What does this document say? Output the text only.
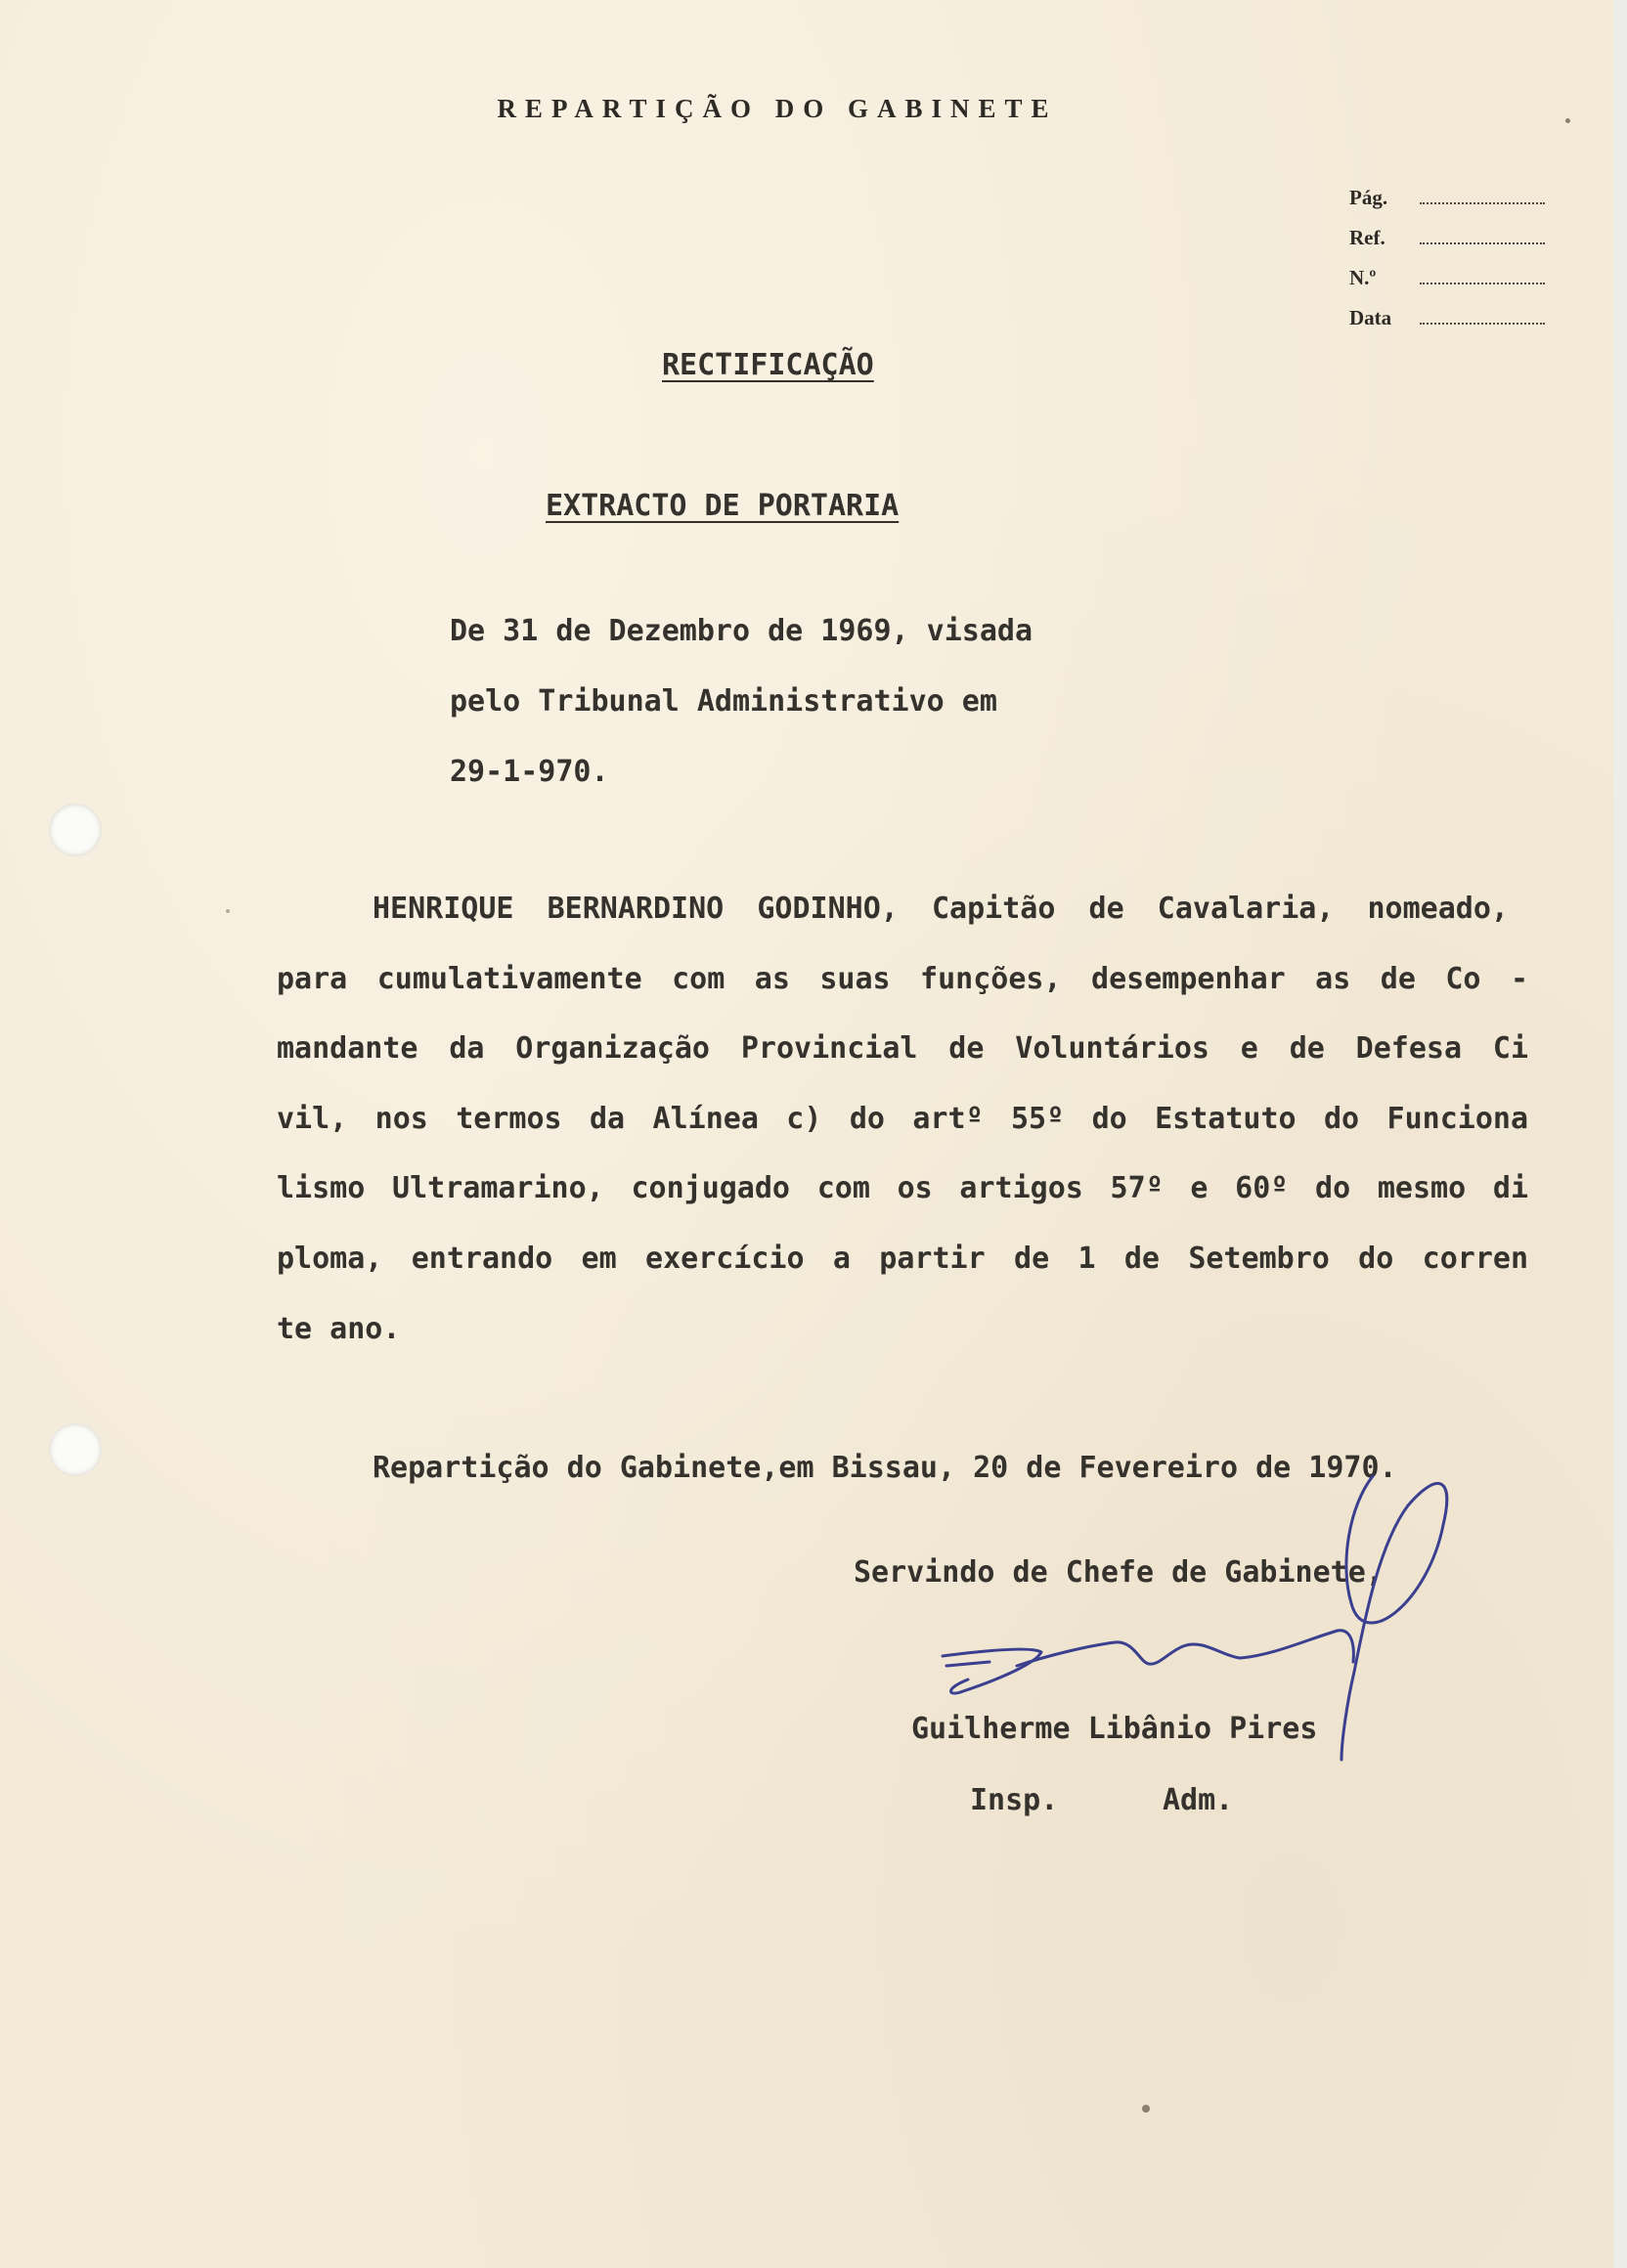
REPARTIÇÃO DO GABINETE
Pág.
Ref.
N.º
Data
RECTIFICAÇÃO
EXTRACTO DE PORTARIA
De 31 de Dezembro de 1969, visada
pelo Tribunal Administrativo em
29-1-970.
HENRIQUE BERNARDINO GODINHO, Capitão de Cavalaria, nomeado,
para cumulativamente com as suas funções, desempenhar as de Co -
mandante da Organização Provincial de Voluntários e de Defesa Ci
vil, nos termos da Alínea c) do artº 55º do Estatuto do Funciona
lismo Ultramarino, conjugado com os artigos 57º e 60º do mesmo di
ploma, entrando em exercício a partir de 1 de Setembro do corren
te ano.
Repartição do Gabinete,em Bissau, 20 de Fevereiro de 1970.
Servindo de Chefe de Gabinete,
Guilherme Libânio Pires
Insp.	Adm.
